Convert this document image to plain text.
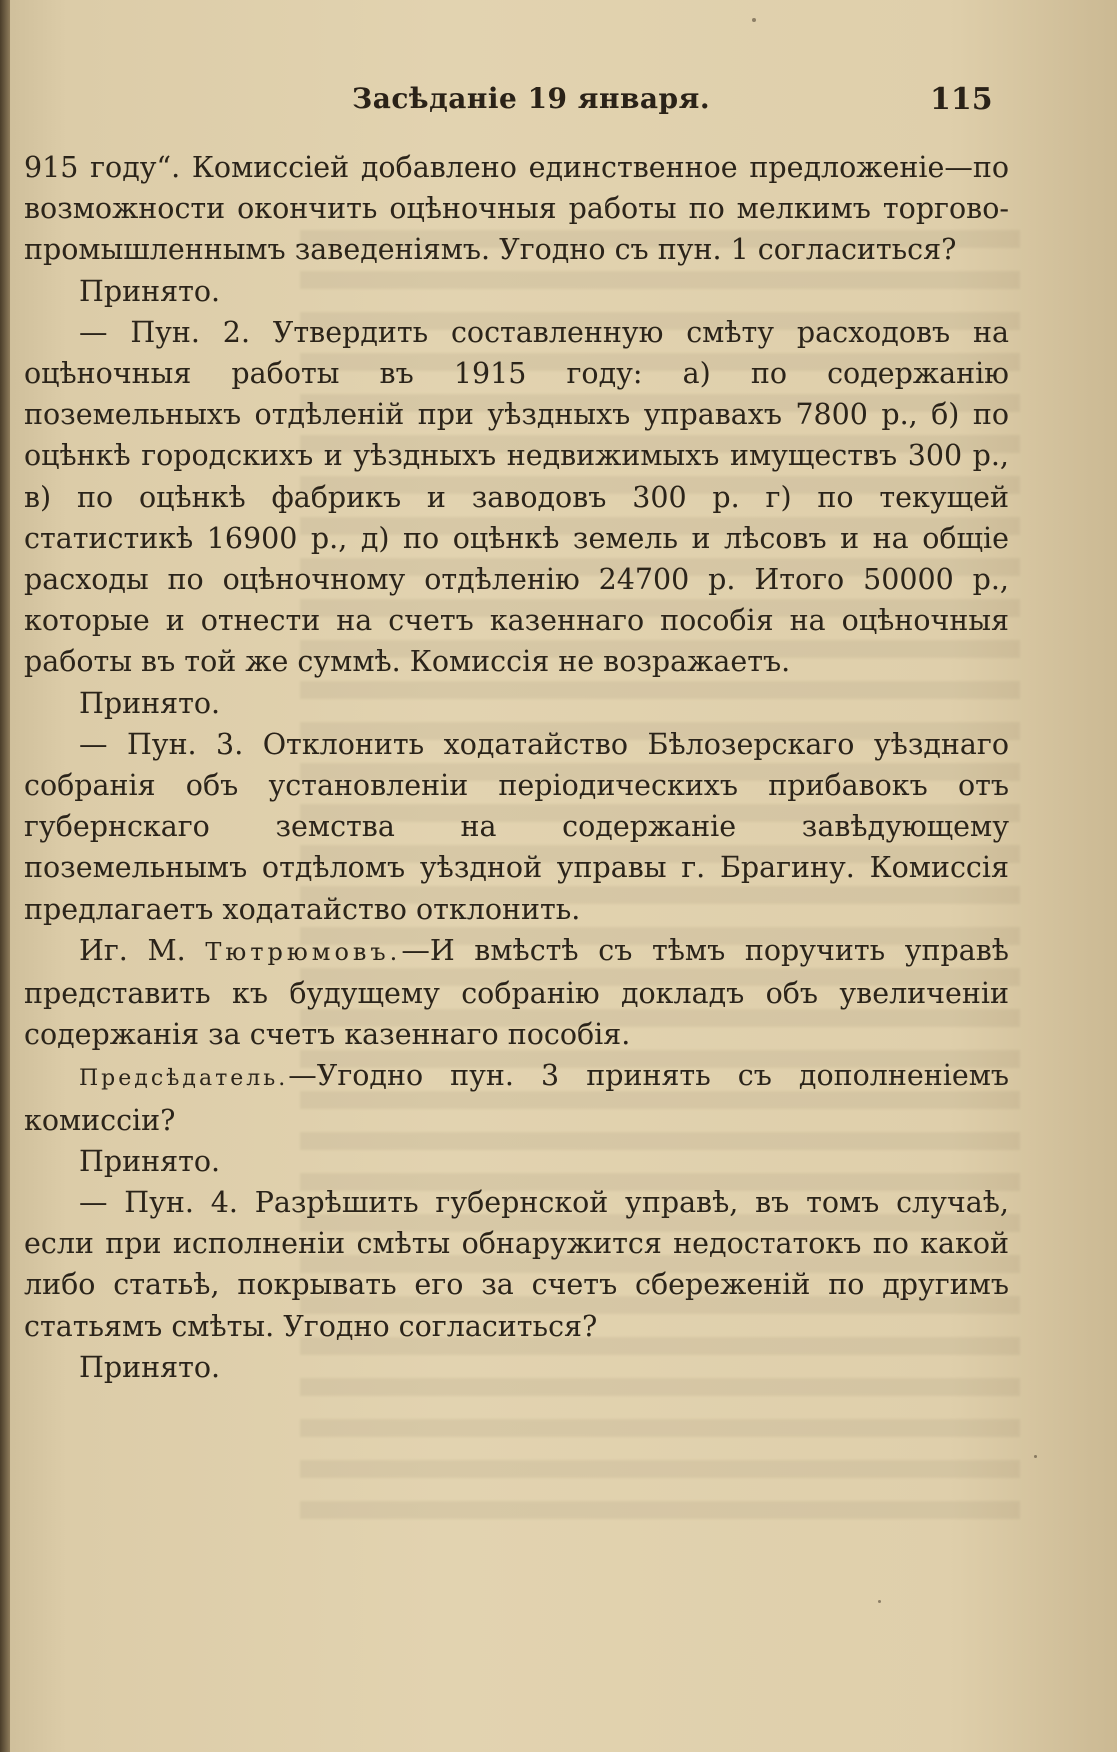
Засѣданіе 19 января.	115

915 году“. Комиссіей добавлено единственное предложеніе—по возможности окончить оцѣночныя работы по мелкимъ торгово-промышленнымъ заведеніямъ. Угодно съ пун. 1 согласиться?

Принято.

— Пун. 2. Утвердить составленную смѣту расходовъ на оцѣночныя работы въ 1915 году: а) по содержанію поземельныхъ отдѣленій при уѣздныхъ управахъ 7800 р., б) по оцѣнкѣ городскихъ и уѣздныхъ недвижимыхъ имуществъ 300 р., в) по оцѣнкѣ фабрикъ и заводовъ 300 р. г) по текущей статистикѣ 16900 р., д) по оцѣнкѣ земель и лѣсовъ и на общіе расходы по оцѣночному отдѣленію 24700 р. Итого 50000 р., которые и отнести на счетъ казеннаго пособія на оцѣночныя работы въ той же суммѣ. Комиссія не возражаетъ.

Принято.

— Пун. 3. Отклонить ходатайство Бѣлозерскаго уѣзднаго собранія объ установленіи періодическихъ прибавокъ отъ губернскаго земства на содержаніе завѣдующему поземельнымъ отдѣломъ уѣздной управы г. Брагину. Комиссія предлагаетъ ходатайство отклонить.

Иг. М. Тютрюмовъ.—И вмѣстѣ съ тѣмъ поручить управѣ представить къ будущему собранію докладъ объ увеличеніи содержанія за счетъ казеннаго пособія.

Предсѣдатель.—Угодно пун. 3 принять съ дополненіемъ комиссіи?

Принято.

— Пун. 4. Разрѣшить губернской управѣ, въ томъ случаѣ, если при исполненіи смѣты обнаружится недостатокъ по какой либо статьѣ, покрывать его за счетъ сбереженій по другимъ статьямъ смѣты. Угодно согласиться?

Принято.
